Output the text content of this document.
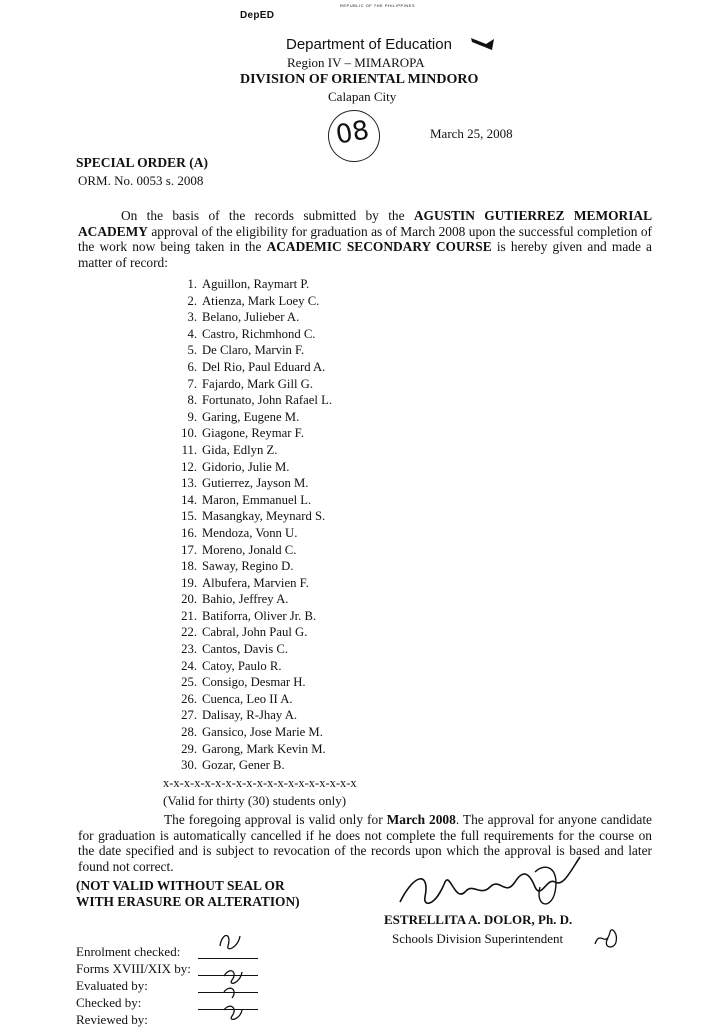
REPUBLIC OF THE PHILIPPINES
DepED
Department of Education
Region IV – MIMAROPA
DIVISION OF ORIENTAL MINDORO
Calapan City
08	March 25, 2008
SPECIAL ORDER (A)
ORM. No. 0053 s. 2008
On the basis of the records submitted by the AGUSTIN GUTIERREZ MEMORIAL ACADEMY approval of the eligibility for graduation as of March 2008 upon the successful completion of the work now being taken in the ACADEMIC SECONDARY COURSE is hereby given and made a matter of record:
1. Aguillon, Raymart P.
2. Atienza, Mark Loey C.
3. Belano, Julieber A.
4. Castro, Richmhond C.
5. De Claro, Marvin F.
6. Del Rio, Paul Eduard A.
7. Fajardo, Mark Gill G.
8. Fortunato, John Rafael L.
9. Garing, Eugene M.
10. Giagone, Reymar F.
11. Gida, Edlyn Z.
12. Gidorio, Julie M.
13. Gutierrez, Jayson M.
14. Maron, Emmanuel L.
15. Masangkay, Meynard S.
16. Mendoza, Vonn U.
17. Moreno, Jonald C.
18. Saway, Regino D.
19. Albufera, Marvien F.
20. Bahio, Jeffrey A.
21. Batiforra, Oliver Jr. B.
22. Cabral, John Paul G.
23. Cantos, Davis C.
24. Catoy, Paulo R.
25. Consigo, Desmar H.
26. Cuenca, Leo II A.
27. Dalisay, R-Jhay A.
28. Gansico, Jose Marie M.
29. Garong, Mark Kevin M.
30. Gozar, Gener B.
x-x-x-x-x-x-x-x-x-x-x-x-x-x-x-x-x-x-x
(Valid for thirty (30) students only)
The foregoing approval is valid only for March 2008. The approval for anyone candidate for graduation is automatically cancelled if he does not complete the full requirements for the course on the date specified and is subject to revocation of the records upon which the approval is based and later found not correct.
(NOT VALID WITHOUT SEAL OR
WITH ERASURE OR ALTERATION)
ESTRELLITA A. DOLOR, Ph. D.
Schools Division Superintendent
Enrolment checked:
Forms XVIII/XIX by:
Evaluated by:
Checked by:
Reviewed by:
